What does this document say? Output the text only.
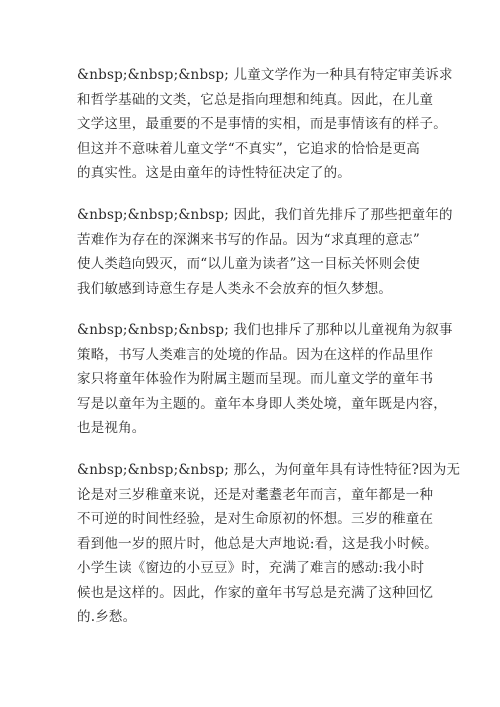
&nbsp;&nbsp;&nbsp; 儿童文学作为一种具有特定审美诉求
和哲学基础的文类，它总是指向理想和纯真。因此，在儿童
文学这里，最重要的不是事情的实相，而是事情该有的样子。
但这并不意味着儿童文学“不真实”，它追求的恰恰是更高
的真实性。这是由童年的诗性特征决定了的。
&nbsp;&nbsp;&nbsp; 因此，我们首先排斥了那些把童年的
苦难作为存在的深渊来书写的作品。因为“求真理的意志”
使人类趋向毁灭，而“以儿童为读者”这一目标关怀则会使
我们敏感到诗意生存是人类永不会放弃的恒久梦想。
&nbsp;&nbsp;&nbsp; 我们也排斥了那种以儿童视角为叙事
策略，书写人类难言的处境的作品。因为在这样的作品里作
家只将童年体验作为附属主题而呈现。而儿童文学的童年书
写是以童年为主题的。童年本身即人类处境，童年既是内容，
也是视角。
&nbsp;&nbsp;&nbsp; 那么，为何童年具有诗性特征?因为无
论是对三岁稚童来说，还是对耄耋老年而言，童年都是一种
不可逆的时间性经验，是对生命原初的怀想。三岁的稚童在
看到他一岁的照片时，他总是大声地说:看，这是我小时候。
小学生读《窗边的小豆豆》时，充满了难言的感动:我小时
候也是这样的。因此，作家的童年书写总是充满了这种回忆
的.乡愁。
